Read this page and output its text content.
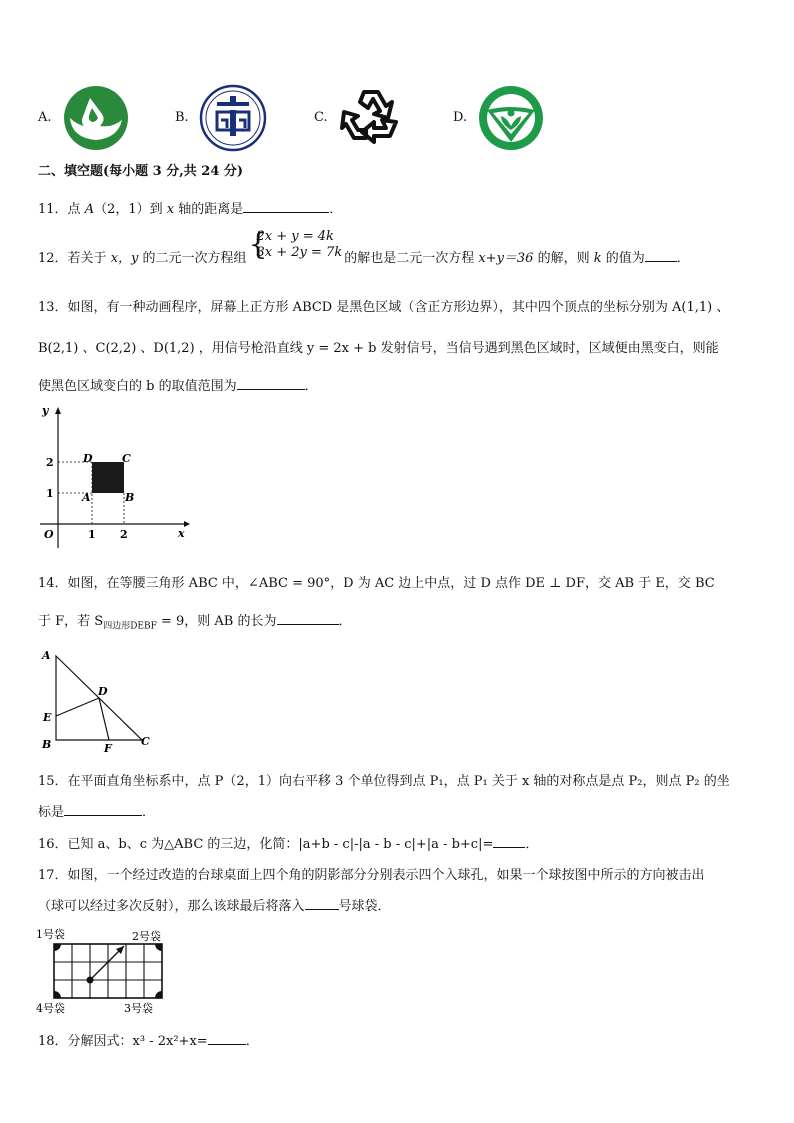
A.	B.	C.	D.
二、填空题(每小题 3 分,共 24 分)
11．点 A（2，1）到 x 轴的距离是	．
12．若关于 x，y 的二元一次方程组 {
2x + y = 4k
3x + 2y = 7k 的解也是二元一次方程 x+y＝36 的解，则 k 的值为 ．
13．如图，有一种动画程序，屏幕上正方形 ABCD 是黑色区域（含正方形边界），其中四个顶点的坐标分别为 A(1,1) 、
B(2,1) 、C(2,2) 、D(1,2) ，用信号枪沿直线 y = 2x + b 发射信号，当信号遇到黑色区域时，区域便由黑变白，则能
使黑色区域变白的 b 的取值范围为	．
y
x
O	1 2
1
2
A	B
C
D
14．如图，在等腰三角形 ABC 中，∠ABC = 90°，D 为 AC 边上中点，过 D 点作 DE ⊥ DF，交 AB 于 E，交 BC
于 F，若 $S_{四边形DEBF} = 9$，则 AB 的长为	．
A
B	C
D
E
F
15．在平面直角坐标系中，点 P（2，1）向右平移 3 个单位得到点 P₁，点 P₁ 关于 x 轴的对称点是点 P₂，则点 P₂ 的坐
标是	．
16．已知 a、b、c 为△ABC 的三边，化简：|a+b - c|-|a - b - c|+|a - b+c|= ．
17．如图，一个经过改造的台球桌面上四个角的阴影部分分别表示四个入球孔，如果一个球按图中所示的方向被击出
（球可以经过多次反射），那么该球最后将落入	号球袋．
1号袋	2号袋
3号袋
4号袋
18．分解因式：x³ - 2x²+x=	．
